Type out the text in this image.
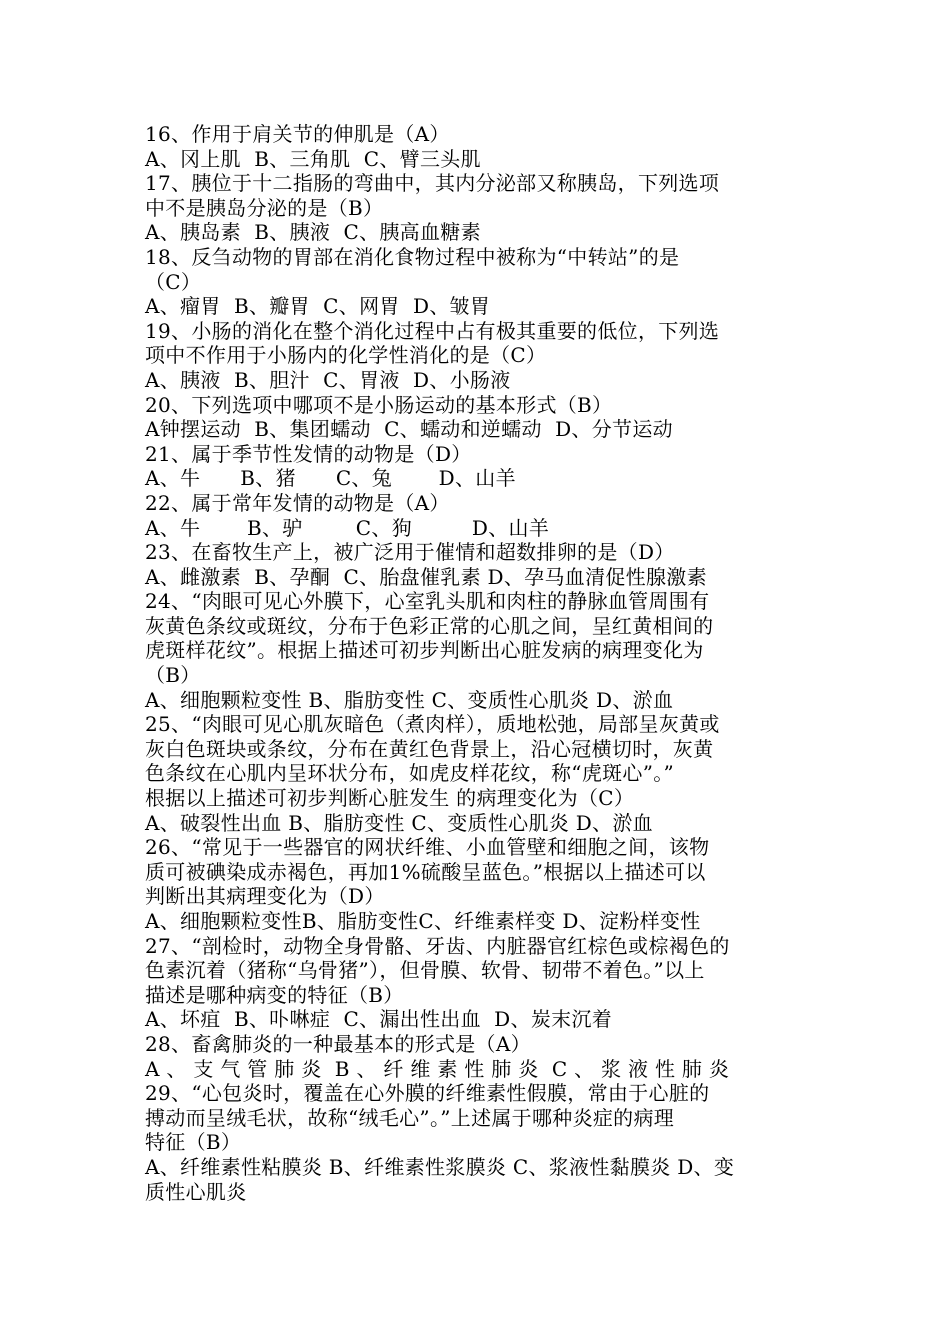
16、作用于肩关节的伸肌是（A）
A、冈上肌  B、三角肌  C、臂三头肌
17、胰位于十二指肠的弯曲中，其内分泌部又称胰岛，下列选项
中不是胰岛分泌的是（B）
A、胰岛素  B、胰液  C、胰高血糖素
18、反刍动物的胃部在消化食物过程中被称为“中转站”的是
（C）
A、瘤胃  B、瓣胃  C、网胃  D、皱胃
19、小肠的消化在整个消化过程中占有极其重要的低位，下列选
项中不作用于小肠内的化学性消化的是（C）
A、胰液  B、胆汁  C、胃液  D、小肠液
20、下列选项中哪项不是小肠运动的基本形式（B）
A钟摆运动  B、集团蠕动  C、蠕动和逆蠕动  D、分节运动
21、属于季节性发情的动物是（D）
A、牛      B、猪      C、兔       D、山羊
22、属于常年发情的动物是（A）
A、牛       B、驴        C、狗         D、山羊
23、在畜牧生产上，被广泛用于催情和超数排卵的是（D）
A、雌激素  B、孕酮  C、胎盘催乳素 D、孕马血清促性腺激素
24、“肉眼可见心外膜下，心室乳头肌和肉柱的静脉血管周围有
灰黄色条纹或斑纹，分布于色彩正常的心肌之间，呈红黄相间的
虎斑样花纹”。根据上描述可初步判断出心脏发病的病理变化为
（B）
A、细胞颗粒变性 B、脂肪变性 C、变质性心肌炎 D、淤血
25、“肉眼可见心肌灰暗色（煮肉样），质地松弛，局部呈灰黄或
灰白色斑块或条纹，分布在黄红色背景上，沿心冠横切时，灰黄
色条纹在心肌内呈环状分布，如虎皮样花纹，称“虎斑心”。”
根据以上描述可初步判断心脏发生 的病理变化为（C）
A、破裂性出血 B、脂肪变性 C、变质性心肌炎 D、淤血
26、“常见于一些器官的网状纤维、小血管壁和细胞之间，该物
质可被碘染成赤褐色，再加1%硫酸呈蓝色。”根据以上描述可以
判断出其病理变化为（D）
A、细胞颗粒变性B、脂肪变性C、纤维素样变 D、淀粉样变性
27、“剖检时，动物全身骨骼、牙齿、内脏器官红棕色或棕褐色的
色素沉着（猪称“乌骨猪”），但骨膜、软骨、韧带不着色。”以上
描述是哪种病变的特征（B）
A、坏疽  B、卟啉症  C、漏出性出血  D、炭末沉着
28、畜禽肺炎的一种最基本的形式是（A）
A 、 支 气 管 肺 炎  B 、 纤 维 素 性 肺 炎  C 、 浆 液 性 肺 炎
29、“心包炎时，覆盖在心外膜的纤维素性假膜，常由于心脏的
搏动而呈绒毛状，故称“绒毛心”。”上述属于哪种炎症的病理
特征（B）
A、纤维素性粘膜炎 B、纤维素性浆膜炎 C、浆液性黏膜炎 D、变
质性心肌炎
